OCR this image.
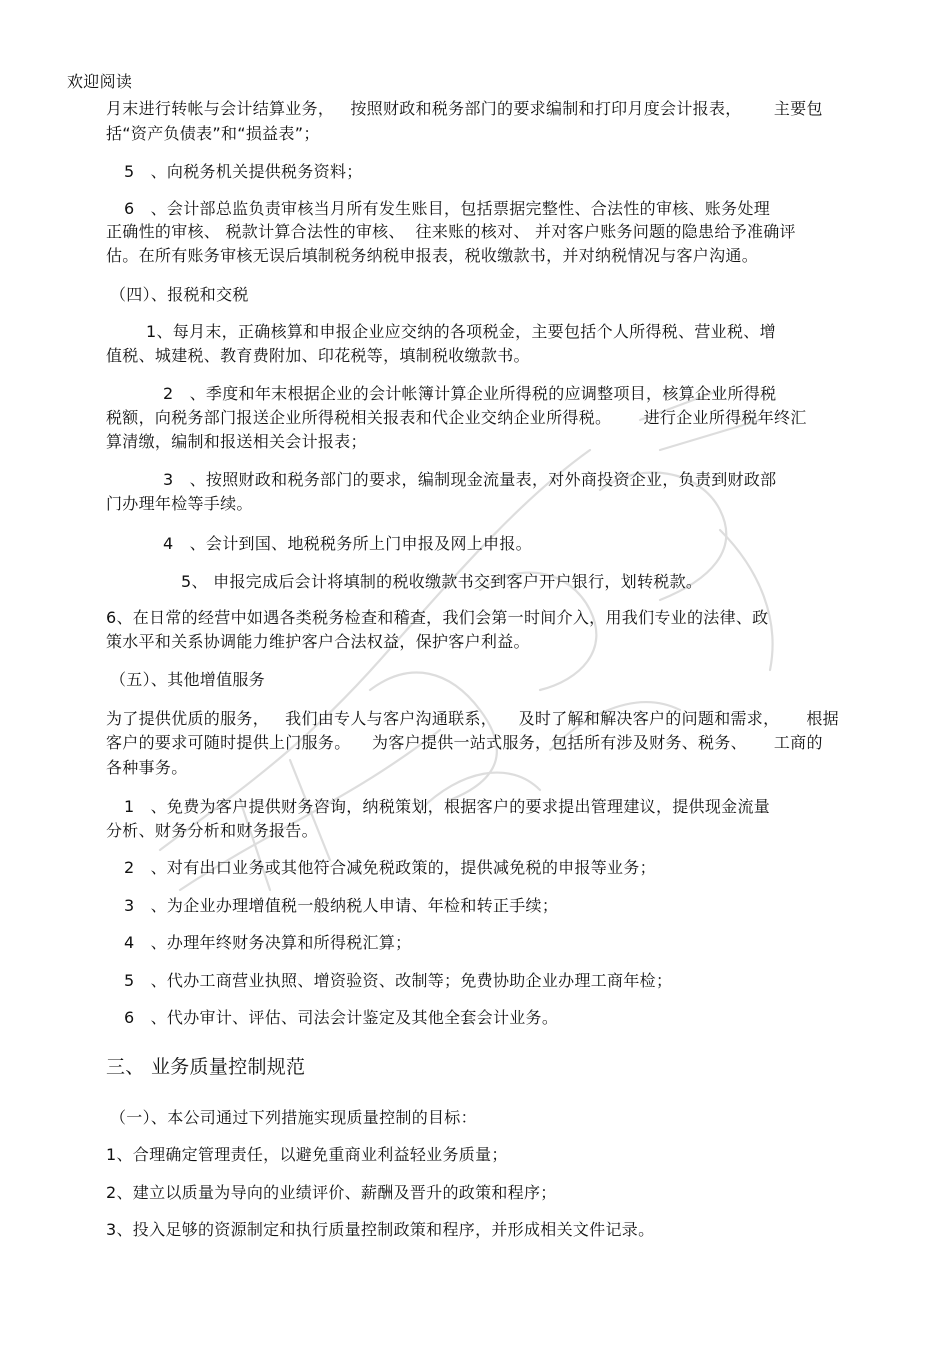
欢迎阅读
月末进行转帐与会计结算业务，   按照财政和税务部门的要求编制和打印月度会计报表，      主要包
括“资产负债表”和“损益表”；
5   、向税务机关提供税务资料；
6   、会计部总监负责审核当月所有发生账目，包括票据完整性、合法性的审核、账务处理
正确性的审核、 税款计算合法性的审核、  往来账的核对、 并对客户账务问题的隐患给予准确评
估。在所有账务审核无误后填制税务纳税申报表，税收缴款书，并对纳税情况与客户沟通。
（四）、报税和交税
1、每月末，正确核算和申报企业应交纳的各项税金，主要包括个人所得税、营业税、增
值税、城建税、教育费附加、印花税等，填制税收缴款书。
2   、季度和年末根据企业的会计帐簿计算企业所得税的应调整项目，核算企业所得税
税额，向税务部门报送企业所得税相关报表和代企业交纳企业所得税。      进行企业所得税年终汇
算清缴，编制和报送相关会计报表；
3   、按照财政和税务部门的要求，编制现金流量表，对外商投资企业，负责到财政部
门办理年检等手续。
4   、会计到国、地税税务所上门申报及网上申报。
5、 申报完成后会计将填制的税收缴款书交到客户开户银行，划转税款。
6、在日常的经营中如遇各类税务检查和稽查，我们会第一时间介入，用我们专业的法律、政
策水平和关系协调能力维护客户合法权益，保护客户利益。
（五）、其他增值服务
为了提供优质的服务，   我们由专人与客户沟通联系，    及时了解和解决客户的问题和需求，     根据
客户的要求可随时提供上门服务。    为客户提供一站式服务，包括所有涉及财务、税务、     工商的
各种事务。
1   、免费为客户提供财务咨询，纳税策划，根据客户的要求提出管理建议，提供现金流量
分析、财务分析和财务报告。
2   、对有出口业务或其他符合减免税政策的，提供减免税的申报等业务；
3   、为企业办理增值税一般纳税人申请、年检和转正手续；
4   、办理年终财务决算和所得税汇算；
5   、代办工商营业执照、增资验资、改制等；免费协助企业办理工商年检；
6   、代办审计、评估、司法会计鉴定及其他全套会计业务。
三、 业务质量控制规范
（一）、本公司通过下列措施实现质量控制的目标：
1、合理确定管理责任，以避免重商业利益轻业务质量；
2、建立以质量为导向的业绩评价、薪酬及晋升的政策和程序；
3、投入足够的资源制定和执行质量控制政策和程序，并形成相关文件记录。
